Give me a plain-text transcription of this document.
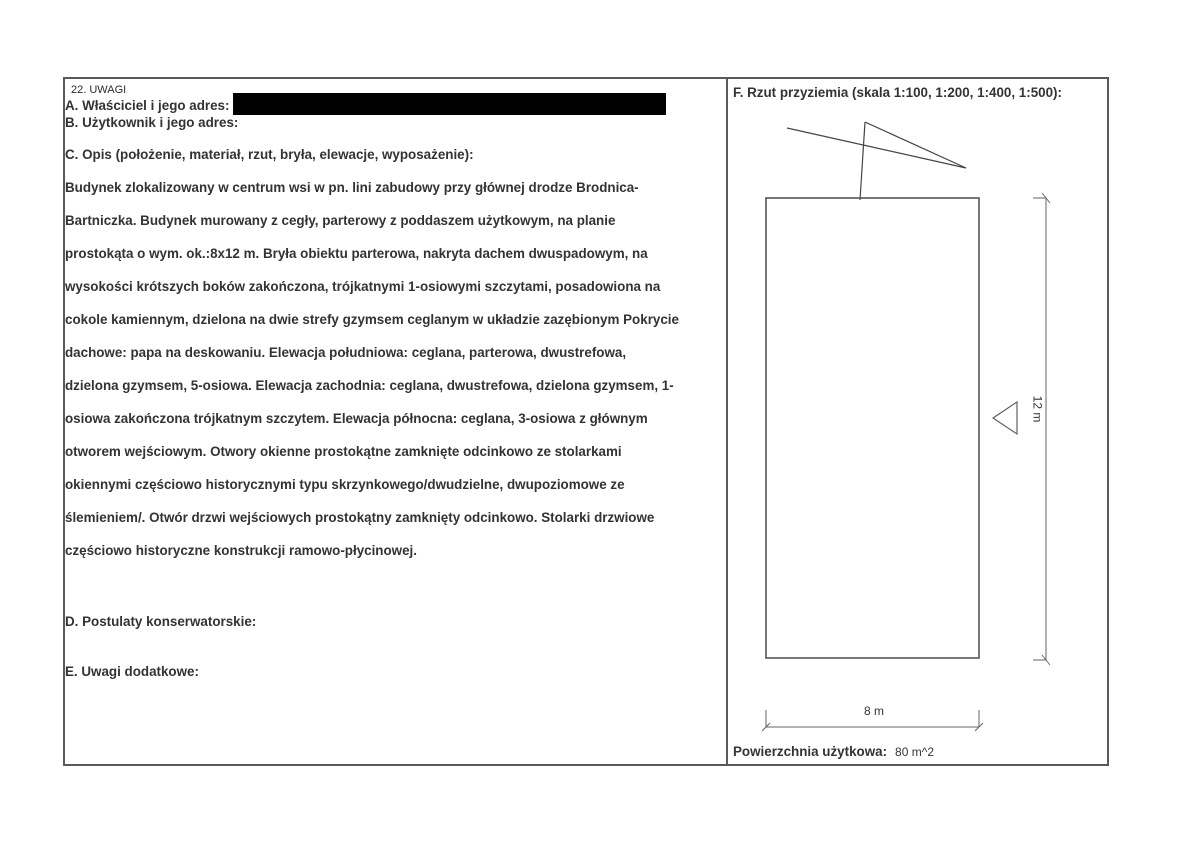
22. UWAGI
A. Właściciel i jego adres:
B. Użytkownik i jego adres:
C. Opis (położenie, materiał, rzut, bryła, elewacje, wyposażenie):

Budynek zlokalizowany w centrum wsi w pn. lini zabudowy przy głównej drodze Brodnica-

Bartniczka. Budynek murowany z cegły, parterowy z poddaszem użytkowym, na planie

prostokąta o wym. ok.:8x12 m. Bryła obiektu parterowa, nakryta dachem dwuspadowym, na

wysokości krótszych boków zakończona, trójkatnymi 1-osiowymi szczytami, posadowiona na

cokole kamiennym, dzielona na dwie strefy gzymsem ceglanym w układzie zazębionym Pokrycie

dachowe: papa na deskowaniu. Elewacja południowa: ceglana, parterowa, dwustrefowa,

dzielona gzymsem, 5-osiowa. Elewacja zachodnia: ceglana, dwustrefowa, dzielona gzymsem, 1-

osiowa zakończona trójkatnym szczytem. Elewacja północna: ceglana, 3-osiowa z głównym

otworem wejściowym. Otwory okienne prostokątne zamknięte odcinkowo ze stolarkami

okiennymi częściowo historycznymi typu skrzynkowego/dwudzielne, dwupoziomowe ze

ślemieniem/. Otwór drzwi wejściowych prostokątny zamknięty odcinkowo. Stolarki drzwiowe

częściowo historyczne konstrukcji ramowo-płycinowej.

D. Postulaty konserwatorskie:
E. Uwagi dodatkowe:
F. Rzut przyziemia (skala 1:100, 1:200, 1:400, 1:500):
12 m
8 m
Powierzchnia użytkowa: 80 m^2
